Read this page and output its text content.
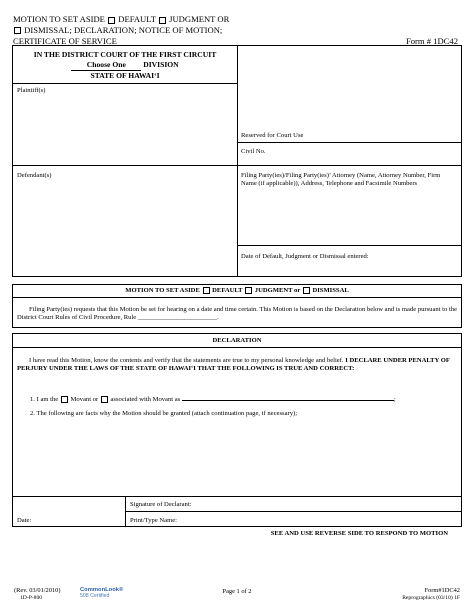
MOTION TO SET ASIDE DEFAULT JUDGMENT OR
DISMISSAL; DECLARATION; NOTICE OF MOTION;
CERTIFICATE OF SERVICE	Form # 1DC42
IN THE DISTRICT COURT OF THE FIRST CIRCUIT
Choose One DIVISION
STATE OF HAWAI‘I
Plaintiff(s)
Reserved for Court Use
Civil No.
Defendant(s)	Filing Party(ies)/Filing Party(ies)’ Attorney (Name, Attorney Number, Firm Name (if applicable)), Address, Telephone and Facsimile Numbers
Date of Default, Judgment or Dismissal entered:
MOTION TO SET ASIDE DEFAULT JUDGMENT or DISMISSAL
Filing Party(ies) requests that this Motion be set for hearing on a date and time certain. This Motion is based on the Declaration below and is made pursuant to the District Court Rules of Civil Procedure, Rule ________________________.
DECLARATION
I have read this Motion, know the contents and verify that the statements are true to my personal knowledge and belief. I DECLARE UNDER PENALTY OF PERJURY UNDER THE LAWS OF THE STATE OF HAWAI‘I THAT THE FOLLOWING IS TRUE AND CORRECT:
1. I am the Movant or associated with Movant as	;
2. The following are facts why the Motion should be granted (attach continuation page, if necessary);
Signature of Declarant:
Print/Type Name:
Date:
SEE AND USE REVERSE SIDE TO RESPOND TO MOTION
(Rev. 03/01/2010)
1D-P-800
CommonLook®
508 Certified
Page 1 of 2	Form#1DC42
Reprographics (03/10) 1F
